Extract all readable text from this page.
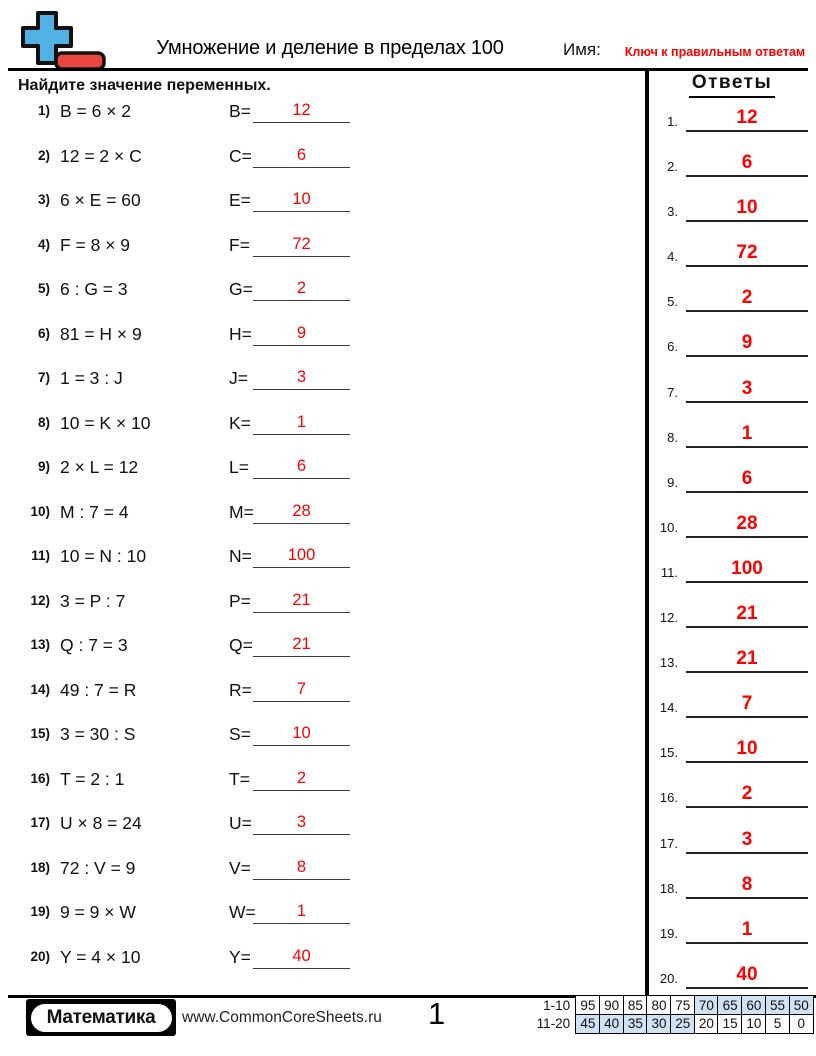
Умножение и деление в пределах 100	Имя:	Ключ к правильным ответам
Найдите значение переменных.	Ответы
1) B = 6 × 2	B=	12
2) 12 = 2 × C	C=	6
3) 6 × E = 60	E=	10
4) F = 8 × 9	F=	72
5) 6 : G = 3	G=	2
6) 81 = H × 9	H=	9
7) 1 = 3 : J	J=	3
8) 10 = K × 10	K=	1
9) 2 × L = 12	L=	6
10) M : 7 = 4	M= 28
11) 10 = N : 10	N= 100
12) 3 = P : 7	P=	21
13) Q : 7 = 3	Q= 21
14) 49 : 7 = R	R=	7
15) 3 = 30 : S	S=	10
16) T = 2 : 1	T=	2
17) U × 8 = 24	U=	3
18) 72 : V = 9	V=	8
19) 9 = 9 × W	W= 1
20) Y = 4 × 10	Y=	40
1.	12
2.	6
3.	10
4.	72
5.	2
6.	9
7.	3
8.	1
9.	6
10.	28
11.	100
12.	21
13.	21
14.	7
15.	10
16.	2
17.	3
18.	8
19.	1
20.	40
Математика	www.CommonCoreSheets.ru 1	1-10 95 90 85 80 75 70 65 60 55 50
11-20 45 40 35 30 25 20 15 10 5	0
